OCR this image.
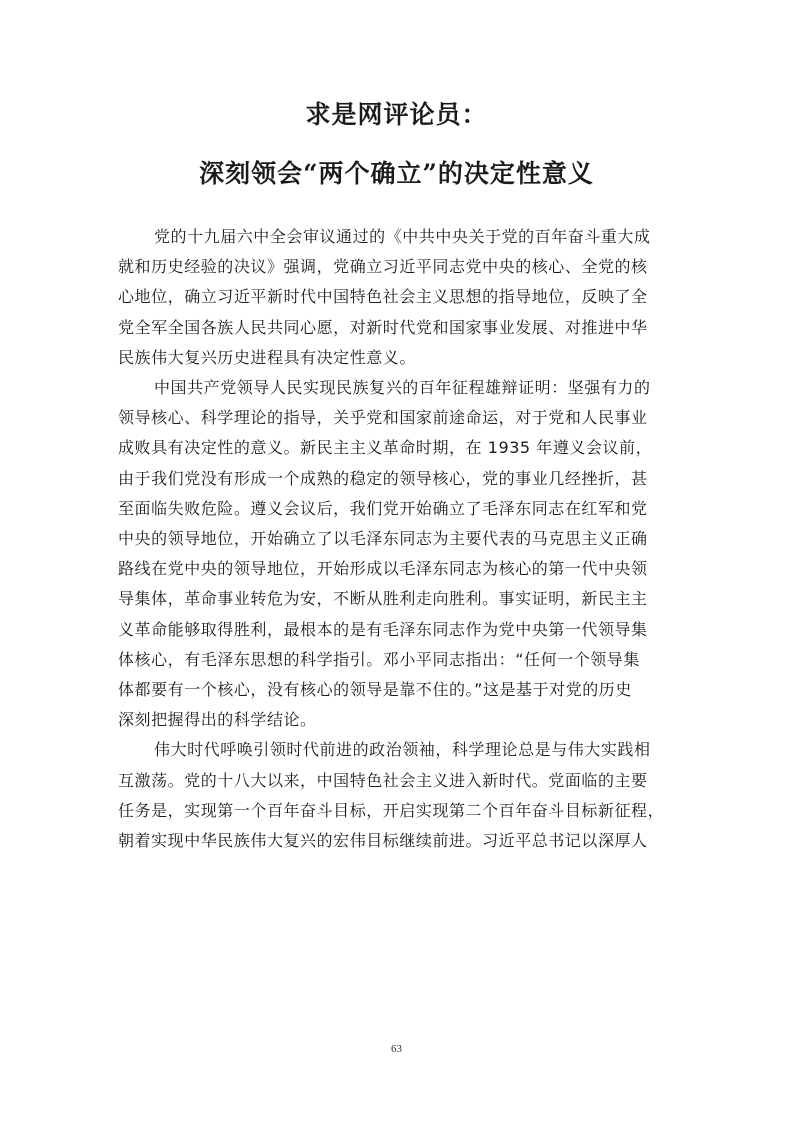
求是网评论员：
深刻领会“两个确立”的决定性意义

党的十九届六中全会审议通过的《中共中央关于党的百年奋斗重大成
就和历史经验的决议》强调，党确立习近平同志党中央的核心、全党的核
心地位，确立习近平新时代中国特色社会主义思想的指导地位，反映了全
党全军全国各族人民共同心愿，对新时代党和国家事业发展、对推进中华
民族伟大复兴历史进程具有决定性意义。

中国共产党领导人民实现民族复兴的百年征程雄辩证明：坚强有力的
领导核心、科学理论的指导，关乎党和国家前途命运，对于党和人民事业
成败具有决定性的意义。新民主主义革命时期，在 1935 年遵义会议前，
由于我们党没有形成一个成熟的稳定的领导核心，党的事业几经挫折，甚
至面临失败危险。遵义会议后，我们党开始确立了毛泽东同志在红军和党
中央的领导地位，开始确立了以毛泽东同志为主要代表的马克思主义正确
路线在党中央的领导地位，开始形成以毛泽东同志为核心的第一代中央领
导集体，革命事业转危为安，不断从胜利走向胜利。事实证明，新民主主
义革命能够取得胜利，最根本的是有毛泽东同志作为党中央第一代领导集
体核心，有毛泽东思想的科学指引。邓小平同志指出：“任何一个领导集
体都要有一个核心，没有核心的领导是靠不住的。”这是基于对党的历史
深刻把握得出的科学结论。

伟大时代呼唤引领时代前进的政治领袖，科学理论总是与伟大实践相
互激荡。党的十八大以来，中国特色社会主义进入新时代。党面临的主要
任务是，实现第一个百年奋斗目标，开启实现第二个百年奋斗目标新征程，
朝着实现中华民族伟大复兴的宏伟目标继续前进。习近平总书记以深厚人

63
